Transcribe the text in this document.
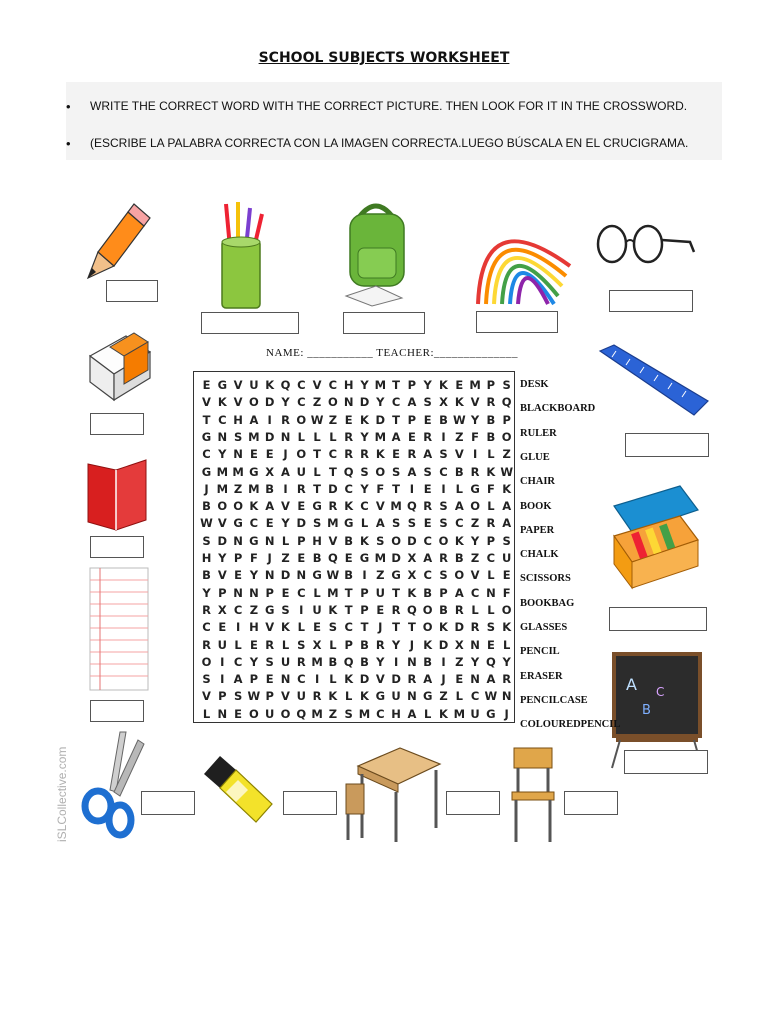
SCHOOL SUBJECTS WORKSHEET
• WRITE THE CORRECT WORD WITH THE CORRECT PICTURE. THEN LOOK FOR IT IN THE CROSSWORD.
• (ESCRIBE LA PALABRA CORRECTA CON LA IMAGEN CORRECTA.LUEGO BÚSCALA EN EL CRUCIGRAMA.
A
B
C
NAME: ___________ TEACHER:______________
E G V U K Q C V C H Y M T P Y K E M P S
V K V O D Y C Z O N D Y C A S X K V R Q
T C H A I R O W Z E K D T P E B W Y B P
G N S M D N L L L R Y M A E R I Z F B O
C Y N E E J O T C R R K E R A S V I L Z
G M M G X A U L T Q S O S A S C B R K W
J M Z M B I R T D C Y F T I E I L G F K
B O O K A V E G R K C V M Q R S A O L A
W V G C E Y D S M G L A S S E S C Z R A
S D N G N L P H V B K S O D C O K Y P S
H Y P F J Z E B Q E G M D X A R B Z C U
B V E Y N D N G W B I Z G X C S O V L E
Y P N N P E C L M T P U T K B P A C N F
R X C Z G S I U K T P E R Q O B R L L O
C E I H V K L E S C T J T T O K D R S K
R U L E R L S X L P B R Y J K D X N E L
O I C Y S U R M B Q B Y I N B I Z Y Q Y
S I A P E N C I L K D V D R A J E N A R
V P S W P V U R K L K G U N G Z L C W N
L N E O U O Q M Z S M C H A L K M U G J
DESK
BLACKBOARD
RULER
GLUE
CHAIR
BOOK
PAPER
CHALK
SCISSORS
BOOKBAG
GLASSES
PENCIL
ERASER
PENCILCASE
COLOUREDPENCIL
iSLCollective.com
